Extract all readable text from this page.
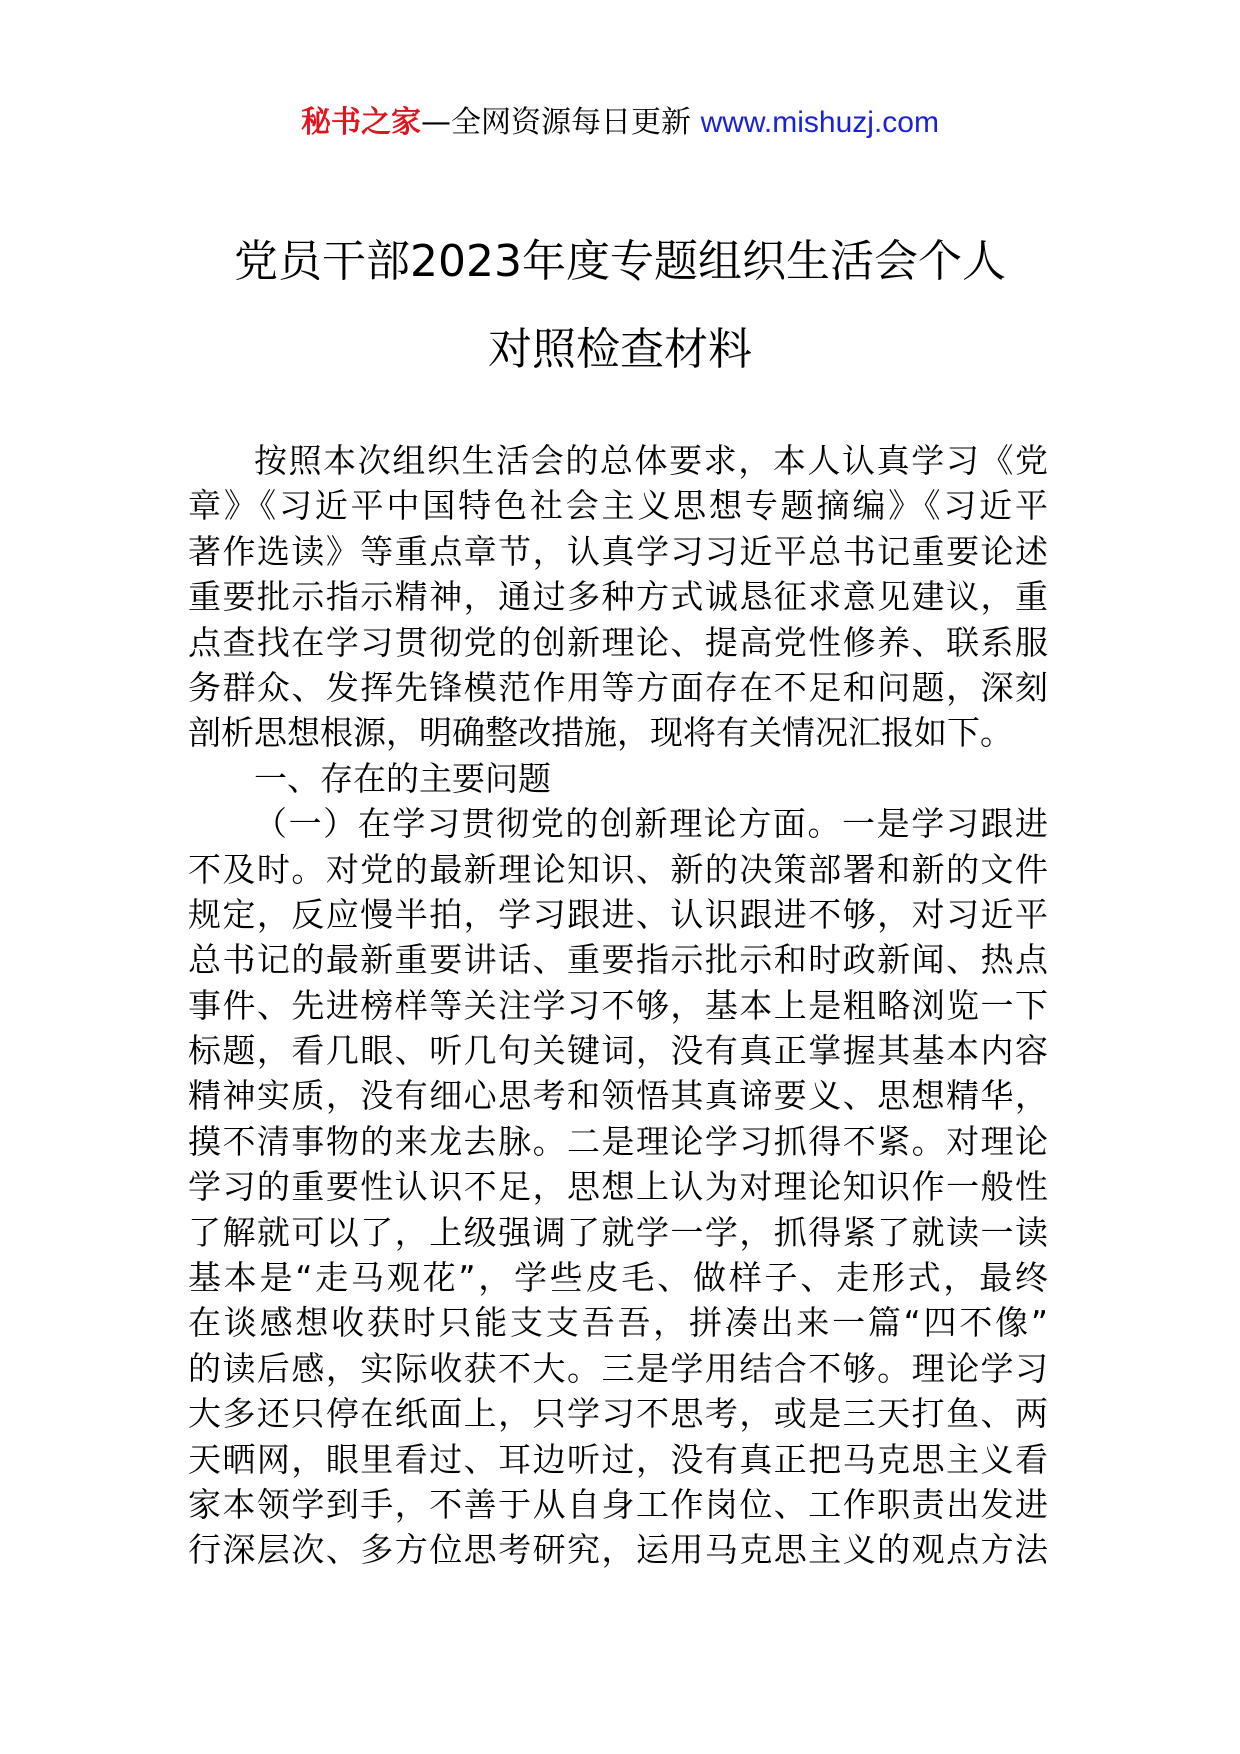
秘书之家—全网资源每日更新 www.mishuzj.com
党员干部2023年度专题组织生活会个人
对照检查材料
按照本次组织生活会的总体要求，本人认真学习《党
章》《习近平中国特色社会主义思想专题摘编》《习近平
著作选读》等重点章节，认真学习习近平总书记重要论述
重要批示指示精神，通过多种方式诚恳征求意见建议，重
点查找在学习贯彻党的创新理论、提高党性修养、联系服
务群众、发挥先锋模范作用等方面存在不足和问题，深刻
剖析思想根源，明确整改措施，现将有关情况汇报如下。
一、存在的主要问题
（一）在学习贯彻党的创新理论方面。一是学习跟进
不及时。对党的最新理论知识、新的决策部署和新的文件
规定，反应慢半拍，学习跟进、认识跟进不够，对习近平
总书记的最新重要讲话、重要指示批示和时政新闻、热点
事件、先进榜样等关注学习不够，基本上是粗略浏览一下
标题，看几眼、听几句关键词，没有真正掌握其基本内容
精神实质，没有细心思考和领悟其真谛要义、思想精华，
摸不清事物的来龙去脉。二是理论学习抓得不紧。对理论
学习的重要性认识不足，思想上认为对理论知识作一般性
了解就可以了，上级强调了就学一学，抓得紧了就读一读
基本是“走马观花”，学些皮毛、做样子、走形式，最终
在谈感想收获时只能支支吾吾，拼凑出来一篇“四不像”
的读后感，实际收获不大。三是学用结合不够。理论学习
大多还只停在纸面上，只学习不思考，或是三天打鱼、两
天晒网，眼里看过、耳边听过，没有真正把马克思主义看
家本领学到手，不善于从自身工作岗位、工作职责出发进
行深层次、多方位思考研究，运用马克思主义的观点方法
